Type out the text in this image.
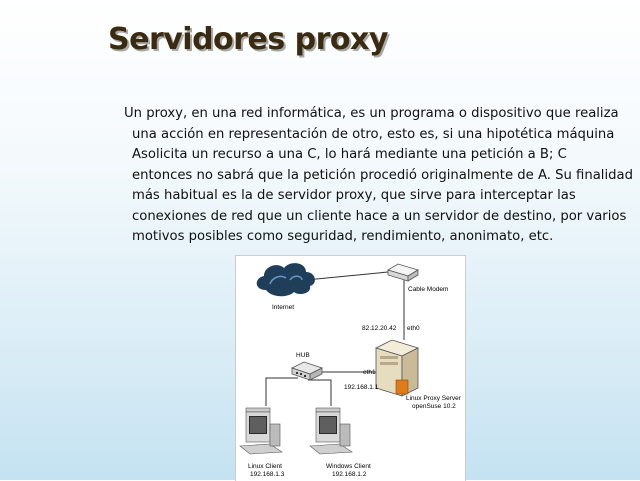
Servidores proxy

Un proxy, en una red informática, es un programa o dispositivo que realiza
una acción en representación de otro, esto es, si una hipotética máquina
Asolicita un recurso a una C, lo hará mediante una petición a B; C
entonces no sabrá que la petición procedió originalmente de A. Su finalidad
más habitual es la de servidor proxy, que sirve para interceptar las
conexiones de red que un cliente hace a un servidor de destino, por varios
motivos posibles como seguridad, rendimiento, anonimato, etc.

Internet
Cable Modem
82.12.20.42 eth0
HUB
eth1
192.168.1.1
Linux Proxy Server
openSuse 10.2
Linux Client
192.168.1.3
Windows Client
192.168.1.2
